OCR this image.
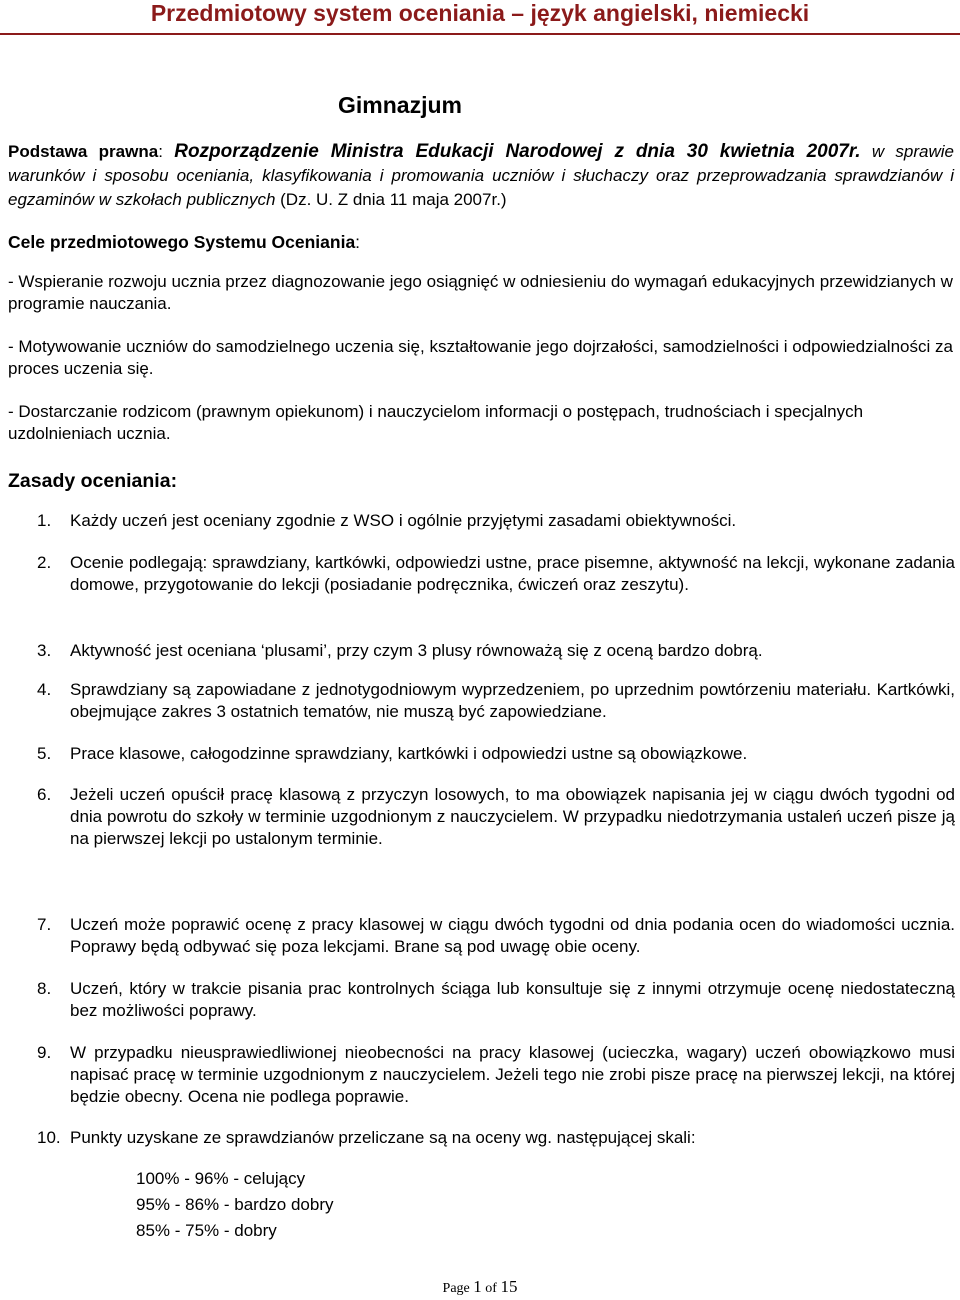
Przedmiotowy system oceniania – język angielski, niemiecki
Gimnazjum
Podstawa prawna: Rozporządzenie Ministra Edukacji Narodowej z dnia 30 kwietnia 2007r. w sprawie warunków i sposobu oceniania, klasyfikowania i promowania uczniów i słuchaczy oraz przeprowadzania sprawdzianów i egzaminów w szkołach publicznych (Dz. U. Z dnia 11 maja 2007r.)
Cele przedmiotowego Systemu Oceniania:
- Wspieranie rozwoju ucznia przez diagnozowanie jego osiągnięć w odniesieniu do wymagań edukacyjnych przewidzianych w programie nauczania.
- Motywowanie uczniów do samodzielnego uczenia się, kształtowanie jego dojrzałości, samodzielności i odpowiedzialności za proces uczenia się.
- Dostarczanie rodzicom (prawnym opiekunom) i nauczycielom informacji o postępach, trudnościach i specjalnych uzdolnieniach ucznia.
Zasady oceniania:
1.	Każdy uczeń jest oceniany zgodnie z WSO i ogólnie przyjętymi zasadami obiektywności.
2.	Ocenie podlegają: sprawdziany, kartkówki, odpowiedzi ustne, prace pisemne, aktywność na lekcji, wykonane zadania domowe, przygotowanie do lekcji (posiadanie podręcznika, ćwiczeń oraz zeszytu).
3.	Aktywność jest oceniana ‘plusami’, przy czym 3 plusy równoważą się z oceną bardzo dobrą.
4.	Sprawdziany są zapowiadane z jednotygodniowym wyprzedzeniem, po uprzednim powtórzeniu materiału. Kartkówki, obejmujące zakres 3 ostatnich tematów, nie muszą być zapowiedziane.
5.	Prace klasowe, całogodzinne sprawdziany, kartkówki i odpowiedzi ustne są obowiązkowe.
6.	Jeżeli uczeń opuścił pracę klasową z przyczyn losowych, to ma obowiązek napisania jej w ciągu dwóch tygodni od dnia powrotu do szkoły w terminie uzgodnionym z nauczycielem. W przypadku niedotrzymania ustaleń uczeń pisze ją na pierwszej lekcji po ustalonym terminie.
7.	Uczeń może poprawić ocenę z pracy klasowej w ciągu dwóch tygodni od dnia podania ocen do wiadomości ucznia. Poprawy będą odbywać się poza lekcjami. Brane są pod uwagę obie oceny.
8.	Uczeń, który w trakcie pisania prac kontrolnych ściąga lub konsultuje się z innymi otrzymuje ocenę niedostateczną bez możliwości poprawy.
9.	W przypadku nieusprawiedliwionej nieobecności na pracy klasowej (ucieczka, wagary) uczeń obowiązkowo musi napisać pracę w terminie uzgodnionym z nauczycielem. Jeżeli tego nie zrobi pisze pracę na pierwszej lekcji, na której będzie obecny. Ocena nie podlega poprawie.
10. Punkty uzyskane ze sprawdzianów przeliczane są na oceny wg. następującej skali:
100% - 96% - celujący
95% - 86% - bardzo dobry
85% - 75% - dobry
Page 1 of 15
